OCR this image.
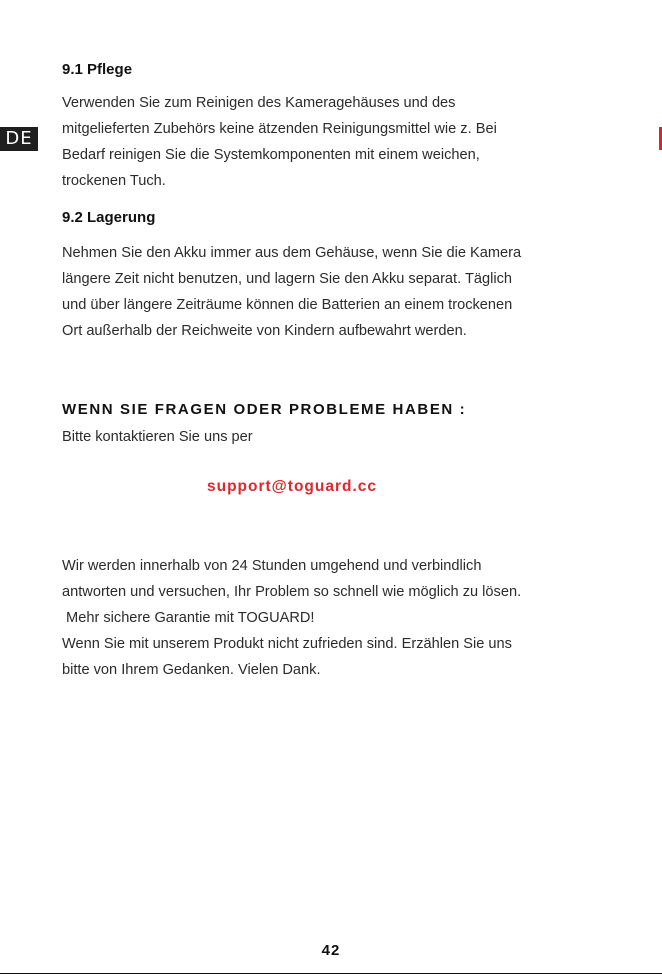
DE
9.1 Pflege

Verwenden Sie zum Reinigen des Kameragehäuses und des
mitgelieferten Zubehörs keine ätzenden Reinigungsmittel wie z. Bei
Bedarf reinigen Sie die Systemkomponenten mit einem weichen,
trockenen Tuch.

9.2 Lagerung

Nehmen Sie den Akku immer aus dem Gehäuse, wenn Sie die Kamera
längere Zeit nicht benutzen, und lagern Sie den Akku separat. Täglich
und über längere Zeiträume können die Batterien an einem trockenen
Ort außerhalb der Reichweite von Kindern aufbewahrt werden.

WENN SIE FRAGEN ODER PROBLEME HABEN :
Bitte kontaktieren Sie uns per
support@toguard.cc

Wir werden innerhalb von 24 Stunden umgehend und verbindlich
antworten und versuchen, Ihr Problem so schnell wie möglich zu lösen.
Mehr sichere Garantie mit TOGUARD!
Wenn Sie mit unserem Produkt nicht zufrieden sind. Erzählen Sie uns
bitte von Ihrem Gedanken. Vielen Dank.

42
